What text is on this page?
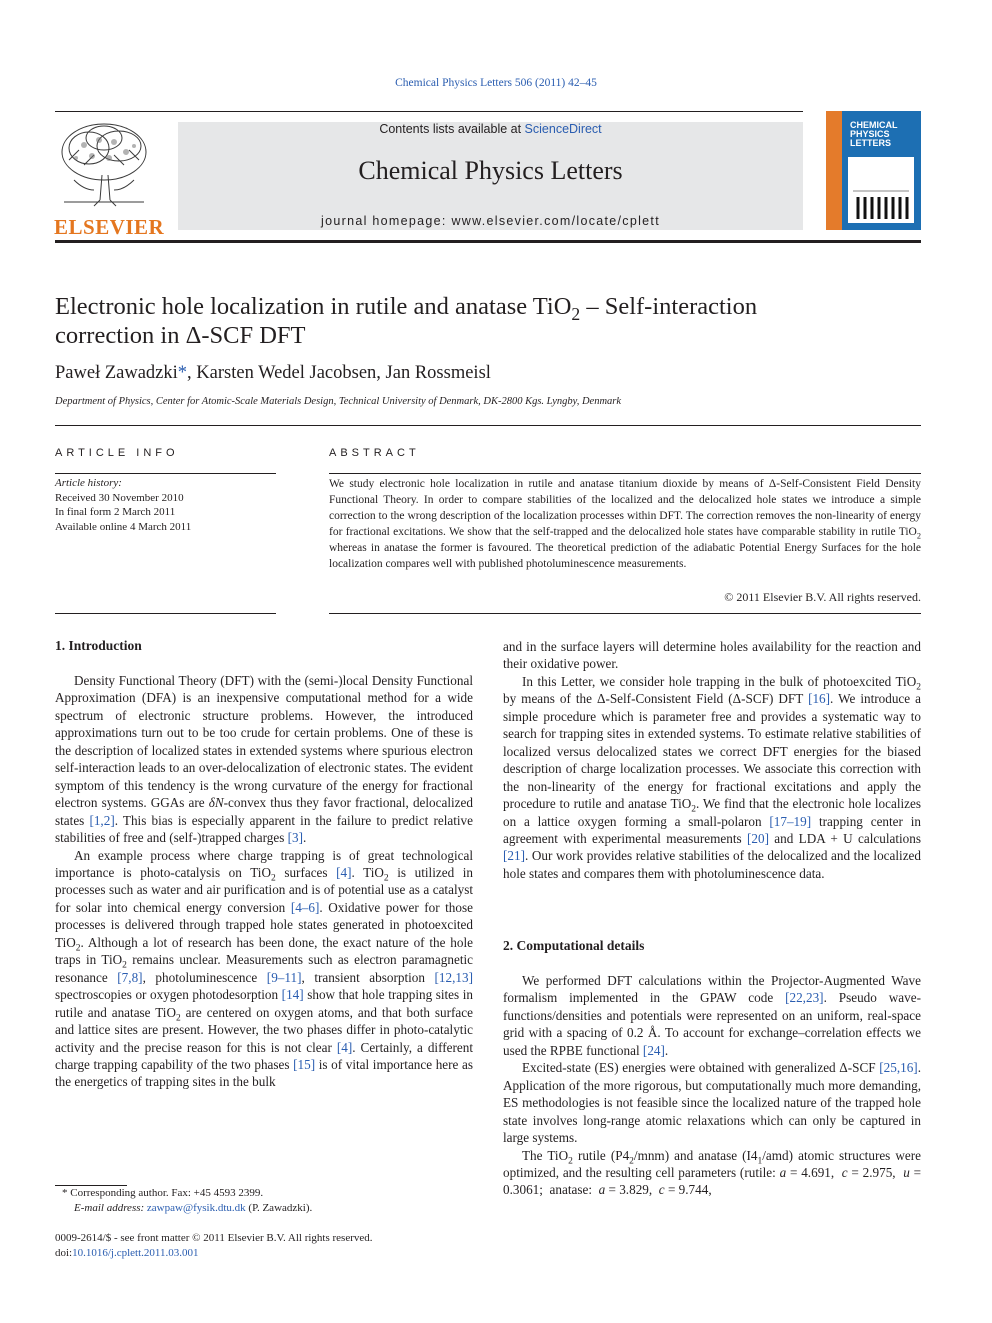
Chemical Physics Letters 506 (2011) 42–45
ELSEVIER
Contents lists available at ScienceDirect
Chemical Physics Letters
journal homepage: www.elsevier.com/locate/cplett
CHEMICAL PHYSICS LETTERS
Electronic hole localization in rutile and anatase TiO$_2$ – Self-interaction
correction in Δ-SCF DFT
Paweł Zawadzki*, Karsten Wedel Jacobsen, Jan Rossmeisl
Department of Physics, Center for Atomic-Scale Materials Design, Technical University of Denmark, DK-2800 Kgs. Lyngby, Denmark
ARTICLE INFO
Article history:
Received 30 November 2010
In final form 2 March 2011
Available online 4 March 2011
ABSTRACT
We study electronic hole localization in rutile and anatase titanium dioxide by means of Δ-Self-Consistent Field Density Functional Theory. In order to compare stabilities of the localized and the delocalized hole states we introduce a simple correction to the wrong description of the localization processes within DFT. The correction removes the non-linearity of energy for fractional excitations. We show that the self-trapped and the delocalized hole states have comparable stability in rutile TiO$_2$ whereas in anatase the former is favoured. The theoretical prediction of the adiabatic Potential Energy Surfaces for the hole localization compares well with published photoluminescence measurements.
© 2011 Elsevier B.V. All rights reserved.
1. Introduction

Density Functional Theory (DFT) with the (semi-)local Density Functional Approximation (DFA) is an inexpensive computational method for a wide spectrum of electronic structure problems. However, the introduced approximations turn out to be too crude for certain problems. One of these is the description of localized states in extended systems where spurious electron self-interaction leads to an over-delocalization of electronic states. The evident symptom of this tendency is the wrong curvature of the energy for fractional electron systems. GGAs are δN-convex thus they favor fractional, delocalized states [1,2]. This bias is especially apparent in the failure to predict relative stabilities of free and (self-)trapped charges [3].

An example process where charge trapping is of great technological importance is photo-catalysis on TiO$_2$ surfaces [4]. TiO$_2$ is utilized in processes such as water and air purification and is of potential use as a catalyst for solar into chemical energy conversion [4–6]. Oxidative power for those processes is delivered through trapped hole states generated in photoexcited TiO$_2$. Although a lot of research has been done, the exact nature of the hole traps in TiO$_2$ remains unclear. Measurements such as electron paramagnetic resonance [7,8], photoluminescence [9–11], transient absorption [12,13] spectroscopies or oxygen photodesorption [14] show that hole trapping sites in rutile and anatase TiO$_2$ are centered on oxygen atoms, and that both surface and lattice sites are present. However, the two phases differ in photo-catalytic activity and the precise reason for this is not clear [4]. Certainly, a different charge trapping capability of the two phases [15] is of vital importance here as the energetics of trapping sites in the bulk

* Corresponding author. Fax: +45 4593 2399.
E-mail address: zawpaw@fysik.dtu.dk (P. Zawadzki).
0009-2614/$ - see front matter © 2011 Elsevier B.V. All rights reserved.
doi:10.1016/j.cplett.2011.03.001

and in the surface layers will determine holes availability for the reaction and their oxidative power.

In this Letter, we consider hole trapping in the bulk of photoexcited TiO$_2$ by means of the Δ-Self-Consistent Field (Δ-SCF) DFT [16]. We introduce a simple procedure which is parameter free and provides a systematic way to search for trapping sites in extended systems. To estimate relative stabilities of localized versus delocalized states we correct DFT energies for the biased description of charge localization processes. We associate this correction with the non-linearity of the energy for fractional excitations and apply the procedure to rutile and anatase TiO$_2$. We find that the electronic hole localizes on a lattice oxygen forming a small-polaron [17–19] trapping center in agreement with experimental measurements [20] and LDA + U calculations [21]. Our work provides relative stabilities of the delocalized and the localized hole states and compares them with photoluminescence data.

2. Computational details

We performed DFT calculations within the Projector-Augmented Wave formalism implemented in the GPAW code [22,23]. Pseudo wave-functions/densities and potentials were represented on an uniform, real-space grid with a spacing of 0.2 Å. To account for exchange–correlation effects we used the RPBE functional [24].

Excited-state (ES) energies were obtained with generalized Δ-SCF [25,16]. Application of the more rigorous, but computationally much more demanding, ES methodologies is not feasible since the localized nature of the trapped hole state involves long-range atomic relaxations which can only be captured in large systems.

The TiO$_2$ rutile $(P4_2/mnm)$ and anatase $(I4_1/amd)$ atomic structures were optimized, and the resulting cell parameters (rutile: a = 4.691,  c = 2.975,  u = 0.3061;  anatase:  a = 3.829,  c = 9.744,
